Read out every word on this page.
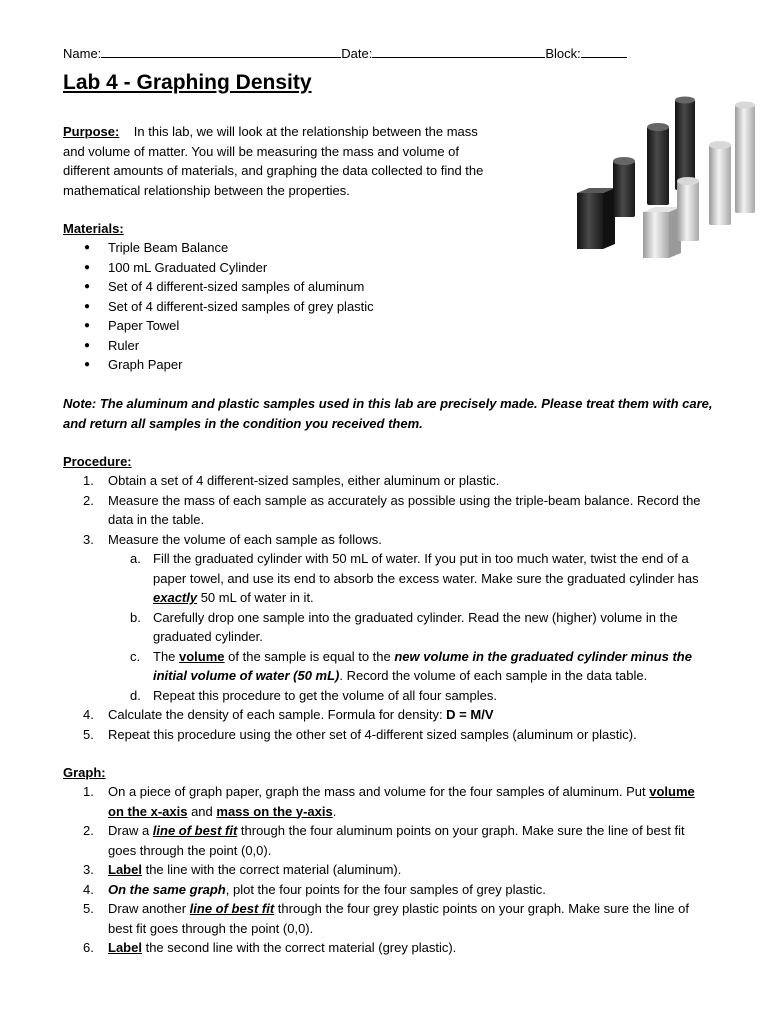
Name:	Date:	Block:
Lab 4 - Graphing Density
Purpose: In this lab, we will look at the relationship between the mass and volume of matter. You will be measuring the mass and volume of different amounts of materials, and graphing the data collected to find the mathematical relationship between the properties.
Materials:
● Triple Beam Balance
● 100 mL Graduated Cylinder
● Set of 4 different-sized samples of aluminum
● Set of 4 different-sized samples of grey plastic
● Paper Towel
● Ruler
● Graph Paper
Note: The aluminum and plastic samples used in this lab are precisely made. Please treat them with care, and return all samples in the condition you received them.
Procedure:
1.	Obtain a set of 4 different-sized samples, either aluminum or plastic.
2.	Measure the mass of each sample as accurately as possible using the triple-beam balance. Record the data in the table.
3.	Measure the volume of each sample as follows.
a. Fill the graduated cylinder with 50 mL of water. If you put in too much water, twist the end of a paper towel, and use its end to absorb the excess water. Make sure the graduated cylinder has exactly 50 mL of water in it.
b. Carefully drop one sample into the graduated cylinder. Read the new (higher) volume in the graduated cylinder.
c. The volume of the sample is equal to the new volume in the graduated cylinder minus the initial volume of water (50 mL). Record the volume of each sample in the data table.
d. Repeat this procedure to get the volume of all four samples.
4.	Calculate the density of each sample. Formula for density: D = M/V
5.	Repeat this procedure using the other set of 4-different sized samples (aluminum or plastic).
Graph:
1.	On a piece of graph paper, graph the mass and volume for the four samples of aluminum. Put volume on the x-axis and mass on the y-axis.
2.	Draw a line of best fit through the four aluminum points on your graph. Make sure the line of best fit goes through the point (0,0).
3.	Label the line with the correct material (aluminum).
4.	On the same graph, plot the four points for the four samples of grey plastic.
5.	Draw another line of best fit through the four grey plastic points on your graph. Make sure the line of best fit goes through the point (0,0).
6.	Label the second line with the correct material (grey plastic).
